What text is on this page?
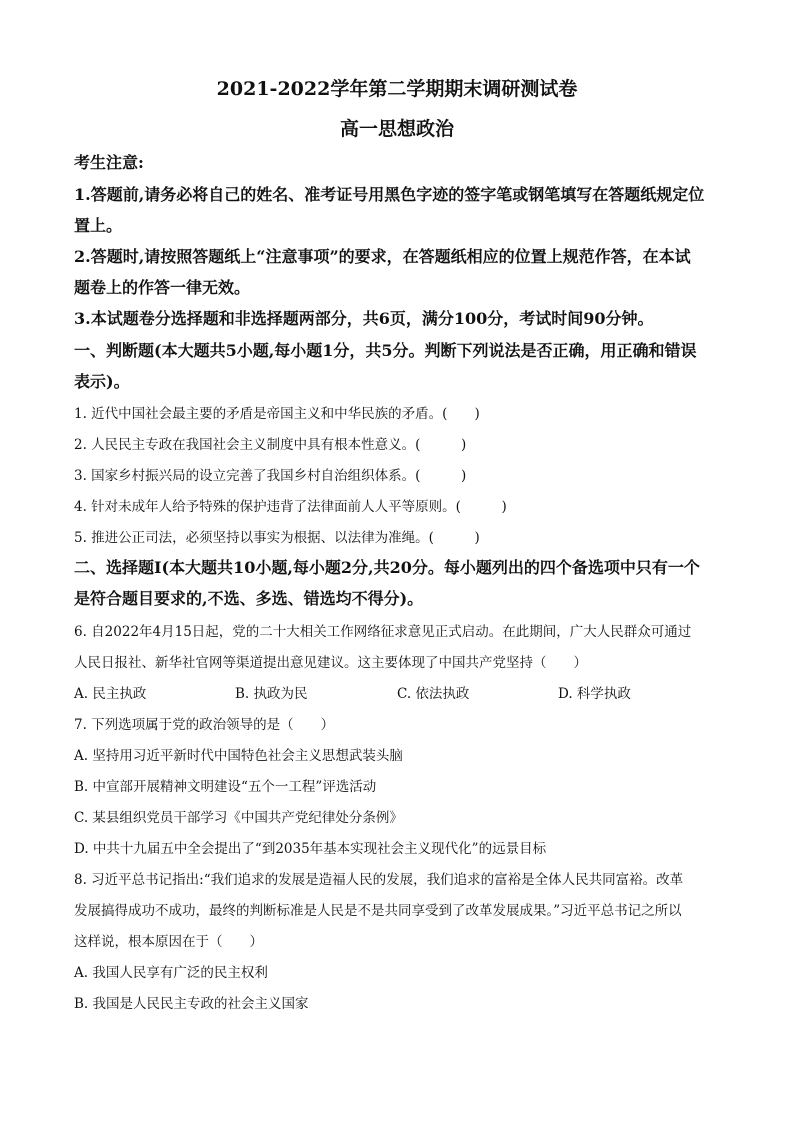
2021-2022学年第二学期期末调研测试卷
高一思想政治
考生注意:
1.答题前,请务必将自己的姓名、准考证号用黑色字迹的签字笔或钢笔填写在答题纸规定位
置上。
2.答题时,请按照答题纸上“注意事项”的要求，在答题纸相应的位置上规范作答，在本试
题卷上的作答一律无效。
3.本试题卷分选择题和非选择题两部分，共6页，满分100分，考试时间90分钟。
一、判断题(本大题共5小题,每小题1分，共5分。判断下列说法是否正确，用正确和错误
表示)。
1. 近代中国社会最主要的矛盾是帝国主义和中华民族的矛盾。(　　)
2. 人民民主专政在我国社会主义制度中具有根本性意义。(　　　)
3. 国家乡村振兴局的设立完善了我国乡村自治组织体系。(　　　)
4. 针对未成年人给予特殊的保护违背了法律面前人人平等原则。(　　　)
5. 推进公正司法，必须坚持以事实为根据、以法律为准绳。(　　　)
二、选择题Ⅰ(本大题共10小题,每小题2分,共20分。每小题列出的四个备选项中只有一个
是符合题目要求的,不选、多选、错选均不得分)。
6. 自2022年4月15日起，党的二十大相关工作网络征求意见正式启动。在此期间，广大人民群众可通过
人民日报社、新华社官网等渠道提出意见建议。这主要体现了中国共产党坚持（　　）
A. 民主执政	B. 执政为民	C. 依法执政	D. 科学执政
7. 下列选项属于党的政治领导的是（　　）
A. 坚持用习近平新时代中国特色社会主义思想武装头脑
B. 中宣部开展精神文明建设“五个一工程”评选活动
C. 某县组织党员干部学习《中国共产党纪律处分条例》
D. 中共十九届五中全会提出了“到2035年基本实现社会主义现代化”的远景目标
8. 习近平总书记指出:“我们追求的发展是造福人民的发展，我们追求的富裕是全体人民共同富裕。改革
发展搞得成功不成功，最终的判断标准是人民是不是共同享受到了改革发展成果。”习近平总书记之所以
这样说，根本原因在于（　　）
A. 我国人民享有广泛的民主权利
B. 我国是人民民主专政的社会主义国家
